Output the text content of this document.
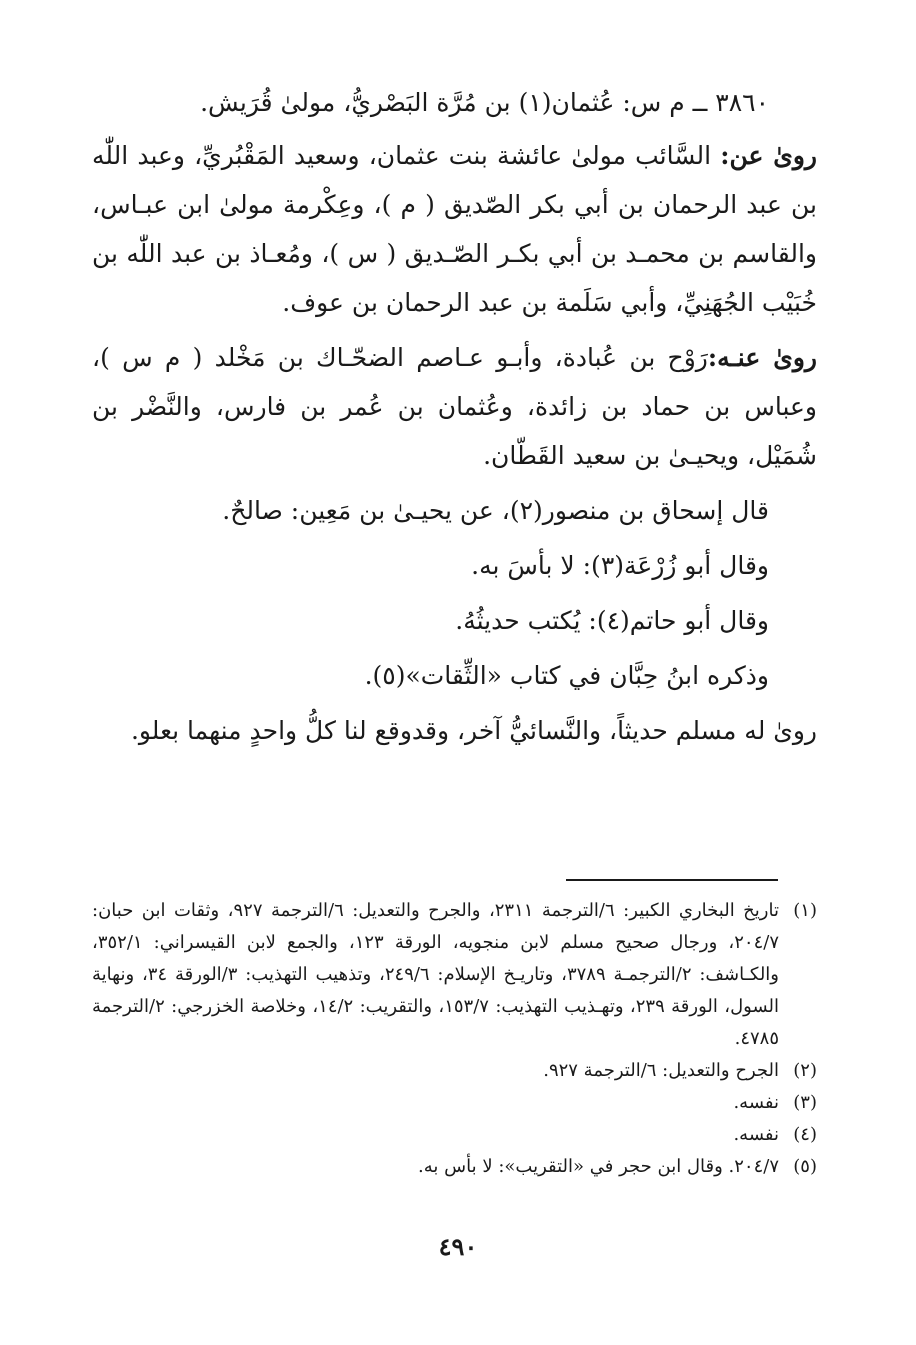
٣٨٦٠ ــ م س: عُثمان(١) بن مُرَّة البَصْريُّ، مولىٰ قُرَيش.

روىٰ عن: السَّائب مولىٰ عائشة بنت عثمان، وسعيد المَقْبُريِّ، وعبد اللّٰه بن عبد الرحمان بن أبي بكر الصّديق ( م )، وعِكْرمة مولىٰ ابن عبـاس، والقاسم بن محمـد بن أبي بكـر الصّـديق ( س )، ومُعـاذ بن عبد اللّٰه بن خُبَيْب الجُهَنِيِّ، وأبي سَلَمة بن عبد الرحمان بن عوف.

روىٰ عنـه:رَوْح بن عُبادة، وأبـو عـاصم الضحّـاك بن مَخْلد ( م س )، وعباس بن حماد بن زائدة، وعُثمان بن عُمر بن فارس، والنَّضْر بن شُمَيْل، ويحيـىٰ بن سعيد القَطّان.

قال إسحاق بن منصور(٢)، عن يحيـىٰ بن مَعِين: صالحٌ.

وقال أبو زُرْعَة(٣): لا بأسَ به.

وقال أبو حاتم(٤): يُكتب حديثُهُ.

وذكره ابنُ حِبَّان في كتاب «الثِّقات»(٥).

روىٰ له مسلم حديثاً، والنَّسائيُّ آخر، وقدوقع لنا كلُّ واحدٍ منهما بعلو.

(١)
تاريخ البخاري الكبير: ٦/الترجمة ٢٣١١، والجرح والتعديل: ٦/الترجمة ٩٢٧، وثقات ابن حبان: ٢٠٤/٧، ورجال صحيح مسلم لابن منجويه، الورقة ١٢٣، والجمع لابن القيسراني: ٣٥٢/١، والكـاشف: ٢/الترجمـة ٣٧٨٩، وتاريـخ الإسلام: ٢٤٩/٦، وتذهيب التهذيب: ٣/الورقة ٣٤، ونهاية السول، الورقة ٢٣٩، وتهـذيب التهذيب: ١٥٣/٧، والتقريب: ١٤/٢، وخلاصة الخزرجي: ٢/الترجمة ٤٧٨٥.
(٢)
الجرح والتعديل: ٦/الترجمة ٩٢٧.
(٣)
نفسه.
(٤)
نفسه.
(٥)
٢٠٤/٧. وقال ابن حجر في «التقريب»: لا بأس به.
٤٩٠
